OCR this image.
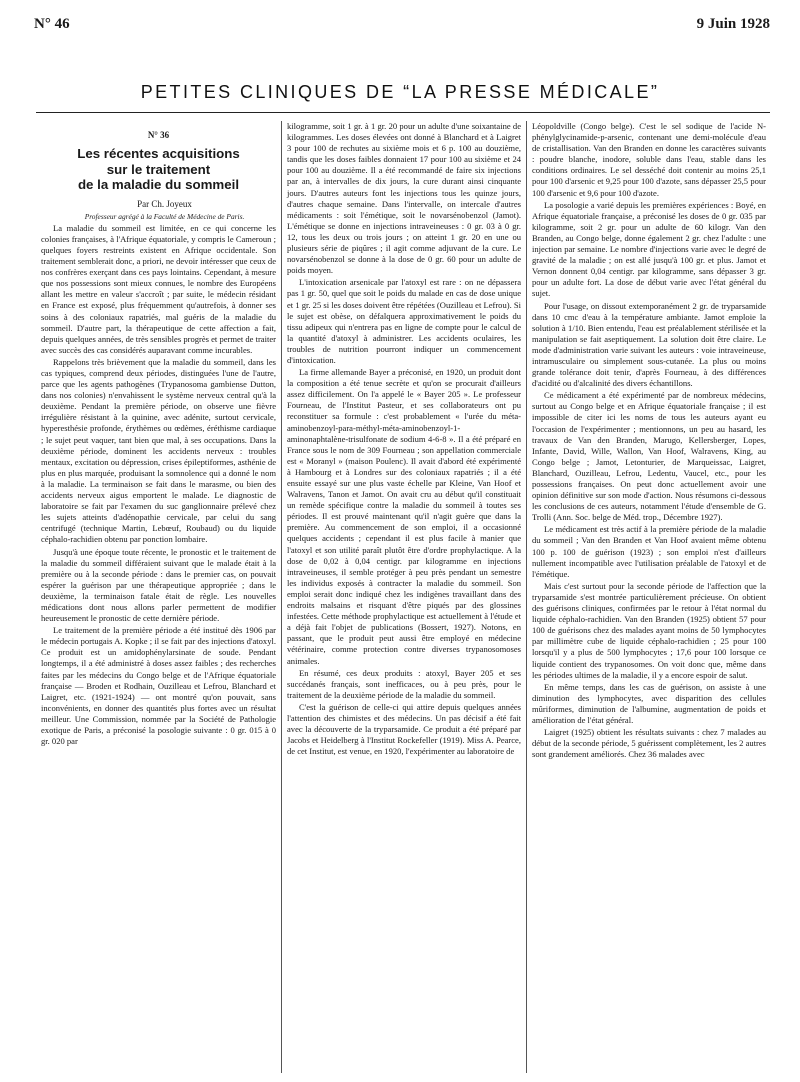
N° 46	9 Juin 1928
PETITES CLINIQUES DE “LA PRESSE MÉDICALE”
N° 36
Les récentes acquisitions
sur le traitement
de la maladie du sommeil

Par Ch. Joyeux

Professeur agrégé à la Faculté de Médecine de Paris.

La maladie du sommeil est limitée, en ce qui concerne les colonies françaises, à l'Afrique équatoriale, y compris le Cameroun ; quelques foyers restreints existent en Afrique occidentale. Son traitement semblerait donc, a priori, ne devoir intéresser que ceux de nos confrères exerçant dans ces pays lointains. Cependant, à mesure que nos possessions sont mieux connues, le nombre des Européens allant les mettre en valeur s'accroît ; par suite, le médecin résidant en France est exposé, plus fréquemment qu'autrefois, à donner ses soins à des coloniaux rapatriés, mal guéris de la maladie du sommeil. D'autre part, la thérapeutique de cette affection a fait, depuis quelques années, de très sensibles progrès et permet de traiter avec succès des cas considérés auparavant comme incurables.

Rappelons très brièvement que la maladie du sommeil, dans les cas typiques, comprend deux périodes, distinguées l'une de l'autre, parce que les agents pathogènes (Trypanosoma gambiense Dutton, dans nos colonies) n'envahissent le système nerveux central qu'à la deuxième. Pendant la première période, on observe une fièvre irrégulière résistant à la quinine, avec adénite, surtout cervicale, hyperesthésie profonde, érythèmes ou œdèmes, éréthisme cardiaque ; le sujet peut vaquer, tant bien que mal, à ses occupations. Dans la deuxième période, dominent les accidents nerveux : troubles mentaux, excitation ou dépression, crises épileptiformes, asthénie de plus en plus marquée, produisant la somnolence qui a donné le nom à la maladie. La terminaison se fait dans le marasme, ou bien des accidents nerveux aigus emportent le malade. Le diagnostic de laboratoire se fait par l'examen du suc ganglionnaire prélevé chez les sujets atteints d'adénopathie cervicale, par celui du sang centrifugé (technique Martin, Lebœuf, Roubaud) ou du liquide céphalo-rachidien obtenu par ponction lombaire.

Jusqu'à une époque toute récente, le pronostic et le traitement de la maladie du sommeil différaient suivant que le malade était à la première ou à la seconde période : dans le premier cas, on pouvait espérer la guérison par une thérapeutique appropriée ; dans le deuxième, la terminaison fatale était de règle. Les nouvelles médications dont nous allons parler permettent de modifier heureusement le pronostic de cette dernière période.

Le traitement de la première période a été institué dès 1906 par le médecin portugais A. Kopke ; il se fait par des injections d'atoxyl. Ce produit est un amidophénylarsinate de soude. Pendant longtemps, il a été administré à doses assez faibles ; des recherches faites par les médecins du Congo belge et de l'Afrique équatoriale française — Broden et Rodhain, Ouzilleau et Lefrou, Blanchard et Laigret, etc. (1921-1924) — ont montré qu'on pouvait, sans inconvénients, en donner des quantités plus fortes avec un résultat meilleur. Une Commission, nommée par la Société de Pathologie exotique de Paris, a préconisé la posologie suivante : 0 gr. 015 à 0 gr. 020 par

kilogramme, soit 1 gr. à 1 gr. 20 pour un adulte d'une soixantaine de kilogrammes. Les doses élevées ont donné à Blanchard et à Laigret 3 pour 100 de rechutes au sixième mois et 6 p. 100 au douzième, tandis que les doses faibles donnaient 17 pour 100 au sixième et 24 pour 100 au douzième. Il a été recommandé de faire six injections par an, à intervalles de dix jours, la cure durant ainsi cinquante jours. D'autres auteurs font les injections tous les quinze jours, d'autres chaque semaine. Dans l'intervalle, on intercale d'autres médicaments : soit l'émétique, soit le novarsénobenzol (Jamot). L'émétique se donne en injections intraveineuses : 0 gr. 03 à 0 gr. 12, tous les deux ou trois jours ; on atteint 1 gr. 20 en une ou plusieurs série de piqûres ; il agit comme adjuvant de la cure. Le novarsénobenzol se donne à la dose de 0 gr. 60 pour un adulte de poids moyen.

L'intoxication arsenicale par l'atoxyl est rare : on ne dépassera pas 1 gr. 50, quel que soit le poids du malade en cas de dose unique et 1 gr. 25 si les doses doivent être répétées (Ouzilleau et Lefrou). Si le sujet est obèse, on défalquera approximativement le poids du tissu adipeux qui n'entrera pas en ligne de compte pour le calcul de la quantité d'atoxyl à administrer. Les accidents oculaires, les troubles de nutrition pourront indiquer un commencement d'intoxication.

La firme allemande Bayer a préconisé, en 1920, un produit dont la composition a été tenue secrète et qu'on se procurait d'ailleurs assez difficilement. On l'a appelé le « Bayer 205 ». Le professeur Fourneau, de l'Institut Pasteur, et ses collaborateurs ont pu reconstituer sa formule : c'est probablement « l'urée du méta-aminobenzoyl-para-méthyl-méta-aminobenzoyl-1-aminonaphtalène-trisulfonate de sodium 4-6-8 ». Il a été préparé en France sous le nom de 309 Fourneau ; son appellation commerciale est « Moranyl » (maison Poulenc). Il avait d'abord été expérimenté à Hambourg et à Londres sur des coloniaux rapatriés ; il a été ensuite essayé sur une plus vaste échelle par Kleine, Van Hoof et Walravens, Tanon et Jamot. On avait cru au début qu'il constituait un remède spécifique contre la maladie du sommeil à toutes ses périodes. Il est prouvé maintenant qu'il n'agit guère que dans la première. Au commencement de son emploi, il a occasionné quelques accidents ; cependant il est plus facile à manier que l'atoxyl et son utilité paraît plutôt être d'ordre prophylactique. A la dose de 0,02 à 0,04 centigr. par kilogramme en injections intraveineuses, il semble protéger à peu près pendant un semestre les individus exposés à contracter la maladie du sommeil. Son emploi serait donc indiqué chez les indigènes travaillant dans des endroits malsains et risquant d'être piqués par des glossines infestées. Cette méthode prophylactique est actuellement à l'étude et a déjà fait l'objet de publications (Bossert, 1927). Notons, en passant, que le produit peut aussi être employé en médecine vétérinaire, comme protection contre diverses trypanosomoses animales.

En résumé, ces deux produits : atoxyl, Bayer 205 et ses succédanés français, sont inefficaces, ou à peu près, pour le traitement de la deuxième période de la maladie du sommeil.

C'est la guérison de celle-ci qui attire depuis quelques années l'attention des chimistes et des médecins. Un pas décisif a été fait avec la découverte de la tryparsamide. Ce produit a été préparé par Jacobs et Heidelberg à l'Institut Rockefeller (1919). Miss A. Pearce, de cet Institut, est venue, en 1920, l'expérimenter au laboratoire de

Léopoldville (Congo belge). C'est le sel sodique de l'acide N-phénylglycinamide-p-arsenic, contenant une demi-molécule d'eau de cristallisation. Van den Branden en donne les caractères suivants : poudre blanche, inodore, soluble dans l'eau, stable dans les conditions ordinaires. Le sel desséché doit contenir au moins 25,1 pour 100 d'arsenic et 9,25 pour 100 d'azote, sans dépasser 25,5 pour 100 d'arsenic et 9,6 pour 100 d'azote.

La posologie a varié depuis les premières expériences : Boyé, en Afrique équatoriale française, a préconisé les doses de 0 gr. 035 par kilogramme, soit 2 gr. pour un adulte de 60 kilogr. Van den Branden, au Congo belge, donne également 2 gr. chez l'adulte : une injection par semaine. Le nombre d'injections varie avec le degré de gravité de la maladie ; on est allé jusqu'à 100 gr. et plus. Jamot et Vernon donnent 0,04 centigr. par kilogramme, sans dépasser 3 gr. pour un adulte fort. La dose de début varie avec l'état général du sujet.

Pour l'usage, on dissout extemporanément 2 gr. de tryparsamide dans 10 cmc d'eau à la température ambiante. Jamot emploie la solution à 1/10. Bien entendu, l'eau est préalablement stérilisée et la manipulation se fait aseptiquement. La solution doit être claire. Le mode d'administration varie suivant les auteurs : voie intraveineuse, intramusculaire ou simplement sous-cutanée. La plus ou moins grande tolérance doit tenir, d'après Fourneau, à des différences d'acidité ou d'alcalinité des divers échantillons.

Ce médicament a été expérimenté par de nombreux médecins, surtout au Congo belge et en Afrique équatoriale française ; il est impossible de citer ici les noms de tous les auteurs ayant eu l'occasion de l'expérimenter ; mentionnons, un peu au hasard, les travaux de Van den Branden, Marugo, Kellersberger, Lopes, Infante, David, Wille, Wallon, Van Hoof, Walravens, King, au Congo belge ; Jamot, Letonturier, de Marqueissac, Laigret, Blanchard, Ouzilleau, Lefrou, Ledentu, Vaucel, etc., pour les possessions françaises. On peut donc actuellement avoir une opinion définitive sur son mode d'action. Nous résumons ci-dessous les conclusions de ces auteurs, notamment l'étude d'ensemble de G. Trolli (Ann. Soc. belge de Méd. trop., Décembre 1927).

Le médicament est très actif à la première période de la maladie du sommeil ; Van den Branden et Van Hoof avaient même obtenu 100 p. 100 de guérison (1923) ; son emploi n'est d'ailleurs nullement incompatible avec l'utilisation préalable de l'atoxyl et de l'émétique.

Mais c'est surtout pour la seconde période de l'affection que la tryparsamide s'est montrée particulièrement précieuse. On obtient des guérisons cliniques, confirmées par le retour à l'état normal du liquide céphalo-rachidien. Van den Branden (1925) obtient 57 pour 100 de guérisons chez des malades ayant moins de 50 lymphocytes par millimètre cube de liquide céphalo-rachidien ; 25 pour 100 lorsqu'il y a plus de 500 lymphocytes ; 17,6 pour 100 lorsque ce liquide contient des trypanosomes. On voit donc que, même dans les périodes ultimes de la maladie, il y a encore espoir de salut.

En même temps, dans les cas de guérison, on assiste à une diminution des lymphocytes, avec disparition des cellules mûriformes, diminution de l'albumine, augmentation de poids et amélioration de l'état général.

Laigret (1925) obtient les résultats suivants : chez 7 malades au début de la seconde période, 5 guérissent complètement, les 2 autres sont grandement améliorés. Chez 36 malades avec
